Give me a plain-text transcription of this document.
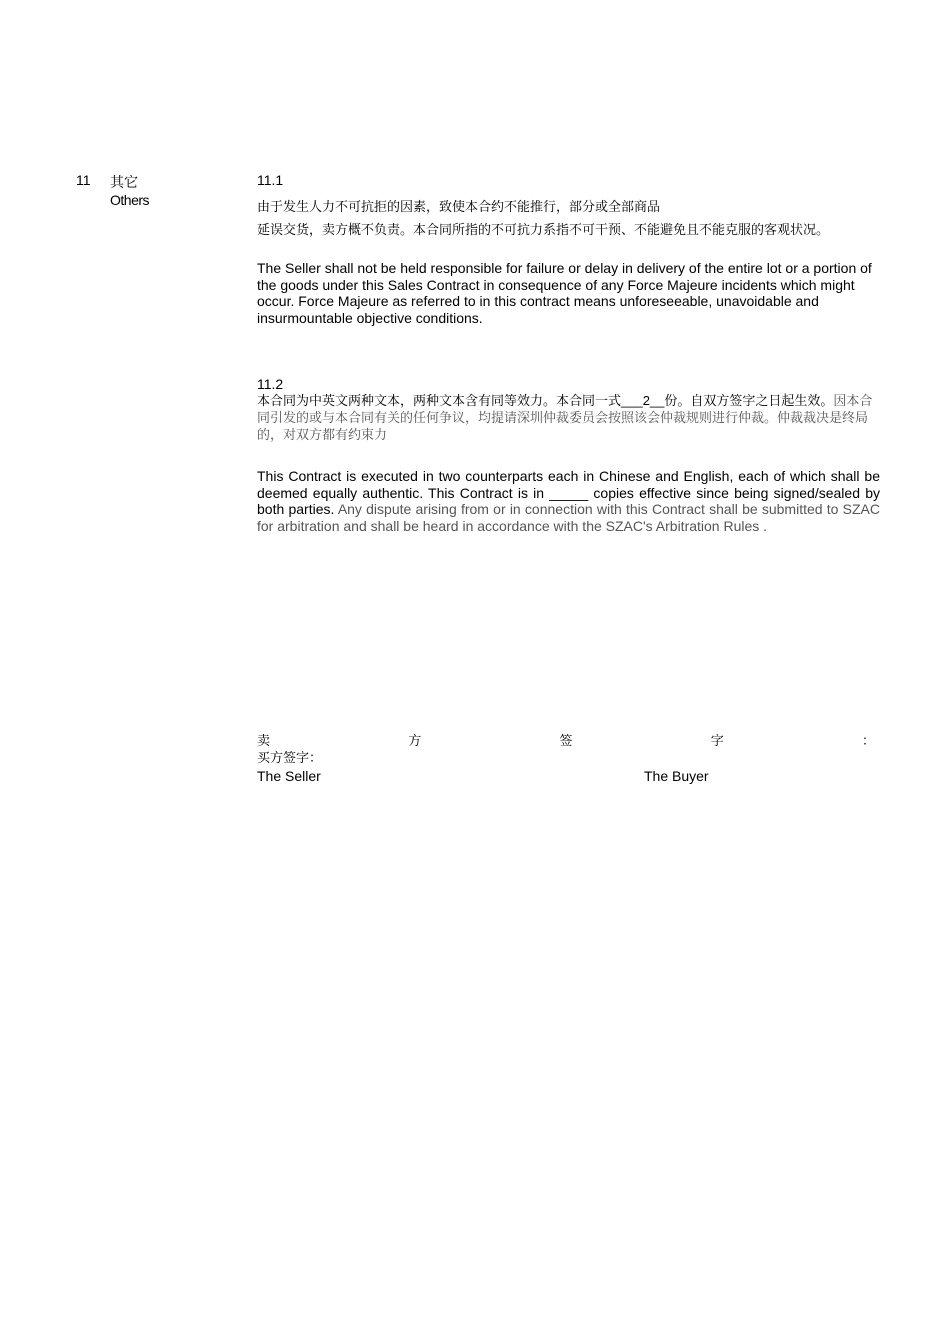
11 其它
Others
11.1
由于发生人力不可抗拒的因素，致使本合约不能推行，部分或全部商品
延误交货，卖方概不负责。本合同所指的不可抗力系指不可干预、不能避免且不能克服的客观状况。
The Seller shall not be held responsible for failure or delay in delivery of the entire lot or a portion of the goods under this Sales Contract in consequence of any Force Majeure incidents which might occur. Force Majeure as referred to in this contract means unforeseeable, unavoidable and insurmountable objective conditions.
11.2
本合同为中英文两种文本，两种文本含有同等效力。本合同一式___2__份。自双方签字之日起生效。因本合同引发的或与本合同有关的任何争议，均提请深圳仲裁委员会按照该会仲裁规则进行仲裁。仲裁裁决是终局的，对双方都有约束力
This Contract is executed in two counterparts each in Chinese and English, each of which shall be deemed equally authentic. This Contract is in _____ copies effective since being signed/sealed by both parties. Any dispute arising from or in connection with this Contract shall be submitted to SZAC for arbitration and shall be heard in accordance with the SZAC's Arbitration Rules .
卖	方	签	字	：
买方签字：
The Seller	The Buyer
